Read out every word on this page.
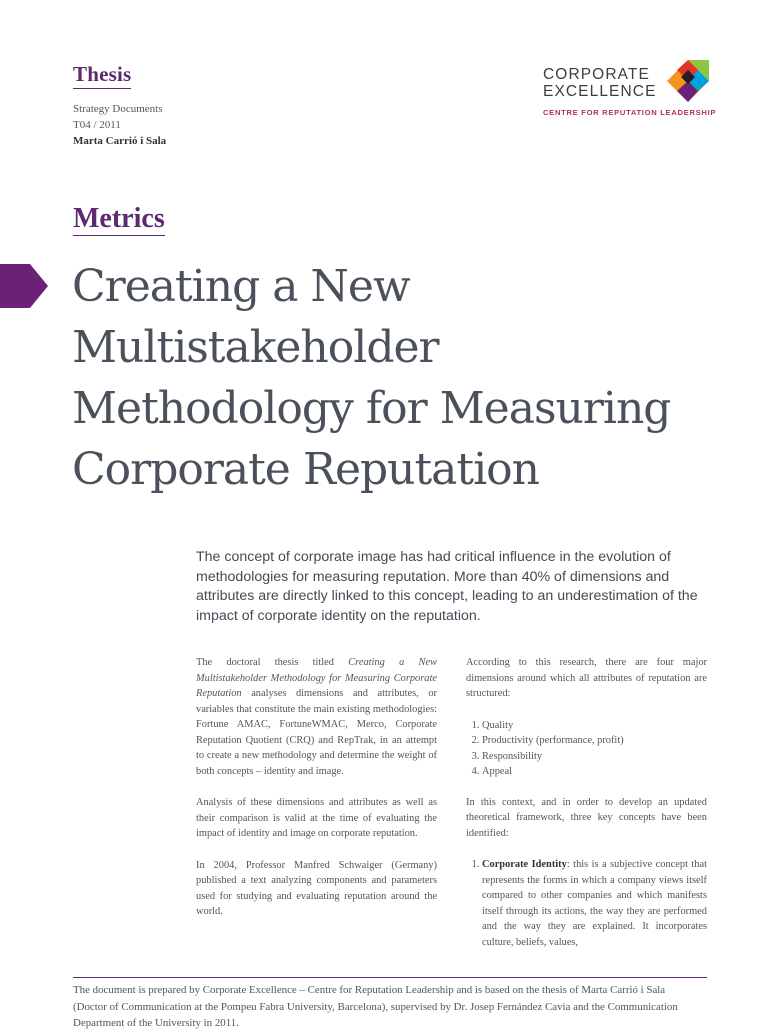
Thesis
Strategy Documents
T04 / 2011
Marta Carrió i Sala
CORPORATE
EXCELLENCE
CENTRE FOR REPUTATION LEADERSHIP
Metrics
Creating a New
Multistakeholder
Methodology for Measuring
Corporate Reputation

The concept of corporate image has had critical influence in the evolution of
methodologies for measuring reputation. More than 40% of dimensions and
attributes are directly linked to this concept, leading to an underestimation of the
impact of corporate identity on the reputation.

The doctoral thesis titled Creating a New Multistakeholder Methodology for Measuring Corporate Reputation analyses dimensions and attributes, or variables that constitute the main existing methodologies: Fortune AMAC, FortuneWMAC, Merco, Corporate Reputation Quotient (CRQ) and RepTrak, in an attempt to create a new methodology and determine the weight of both concepts – identity and image.

Analysis of these dimensions and attributes as well as their comparison is valid at the time of evaluating the impact of identity and image on corporate reputation.

In 2004, Professor Manfred Schwaiger (Germany) published a text analyzing components and parameters used for studying and evaluating reputation around the world.

According to this research, there are four major dimensions around which all attributes of reputation are structured:

1. Quality
2. Productivity (performance, profit)
3. Responsibility
4. Appeal

In this context, and in order to develop an updated theoretical framework, three key concepts have been identified:

1. Corporate Identity: this is a subjective concept that represents the forms in which a company views itself compared to other companies and which manifests itself through its actions, the way they are performed and the way they are explained. It incorporates culture, beliefs, values,
The document is prepared by Corporate Excellence – Centre for Reputation Leadership and is based on the thesis of Marta Carrió i Sala
(Doctor of Communication at the Pompeu Fabra University, Barcelona), supervised by Dr. Josep Fernández Cavia and the Communication
Department of the University in 2011.
